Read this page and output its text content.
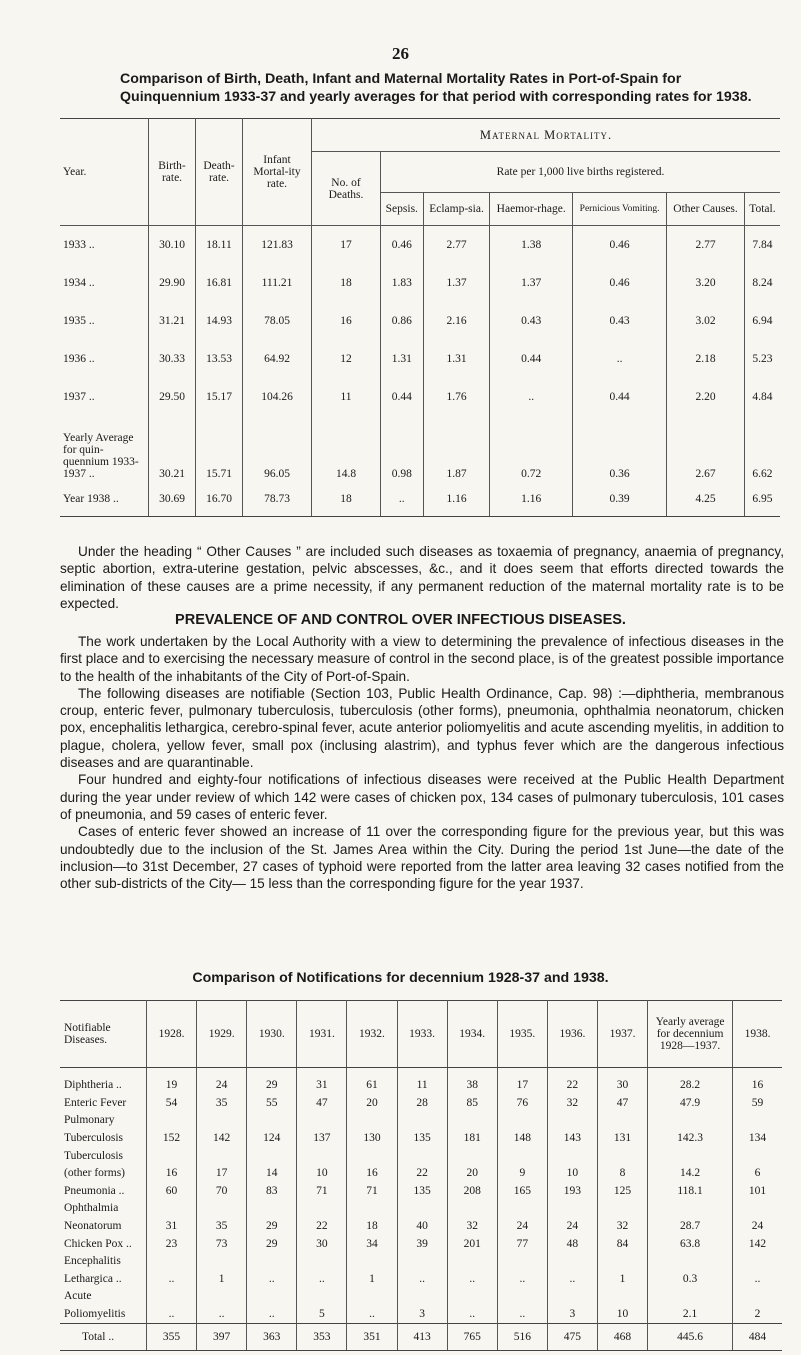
26
Comparison of Birth, Death, Infant and Maternal Mortality Rates in Port-of-Spain for Quinquennium 1933-37 and yearly averages for that period with corresponding rates for 1938.
Year.	Birth-rate.	Death-rate.	Infant Mortal-ity rate.	Maternal Mortality.						
				No. of Deaths.	Rate per 1,000 live births registered.					
					Sepsis.	Eclamp-sia.	Haemor-rhage.	Pernicious Vomiting.	Other Causes.	Total.
1933 ..	30.10	18.11	121.83	17	0.46	2.77	1.38	0.46	2.77	7.84
1934 ..	29.90	16.81	111.21	18	1.83	1.37	1.37	0.46	3.20	8.24
1935 ..	31.21	14.93	78.05	16	0.86	2.16	0.43	0.43	3.02	6.94
1936 ..	30.33	13.53	64.92	12	1.31	1.31	0.44	..	2.18	5.23
1937 ..	29.50	15.17	104.26	11	0.44	1.76	..	0.44	2.20	4.84
Yearly Average for quin-quennium 1933-1937 ..	30.21	15.71	96.05	14.8	0.98	1.87	0.72	0.36	2.67	6.62
Year 1938 ..	30.69	16.70	78.73	18	..	1.16	1.16	0.39	4.25	6.95

Under the heading “ Other Causes ” are included such diseases as toxaemia of pregnancy, anaemia of pregnancy, septic abortion, extra-uterine gestation, pelvic abscesses, &c., and it does seem that efforts directed towards the elimination of these causes are a prime necessity, if any permanent reduction of the maternal mortality rate is to be expected.

PREVALENCE OF AND CONTROL OVER INFECTIOUS DISEASES.

The work undertaken by the Local Authority with a view to determining the prevalence of infectious diseases in the first place and to exercising the necessary measure of control in the second place, is of the greatest possible importance to the health of the inhabitants of the City of Port-of-Spain.

The following diseases are notifiable (Section 103, Public Health Ordinance, Cap. 98) :—diphtheria, membranous croup, enteric fever, pulmonary tuberculosis, tuberculosis (other forms), pneumonia, ophthalmia neonatorum, chicken pox, encephalitis lethargica, cerebro-spinal fever, acute anterior poliomyelitis and acute ascending myelitis, in addition to plague, cholera, yellow fever, small pox (inclusing alastrim), and typhus fever which are the dangerous infectious diseases and are quarantinable.

Four hundred and eighty-four notifications of infectious diseases were received at the Public Health Department during the year under review of which 142 were cases of chicken pox, 134 cases of pulmonary tuberculosis, 101 cases of pneumonia, and 59 cases of enteric fever.

Cases of enteric fever showed an increase of 11 over the corresponding figure for the previous year, but this was undoubtedly due to the inclusion of the St. James Area within the City. During the period 1st June—the date of the inclusion—to 31st December, 27 cases of typhoid were reported from the latter area leaving 32 cases notified from the other sub-districts of the City— 15 less than the corresponding figure for the year 1937.

Comparison of Notifications for decennium 1928-37 and 1938.
Notifiable Diseases.	1928.	1929.	1930.	1931.	1932.	1933.	1934.	1935.	1936.	1937.	Yearly average for decennium 1928—1937.	1938.
Diphtheria ..	19	24	29	31	61	11	38	17	22	30	28.2	16
Enteric Fever	54	35	55	47	20	28	85	76	32	47	47.9	59
Pulmonary												
Tuberculosis	152	142	124	137	130	135	181	148	143	131	142.3	134
Tuberculosis												
(other forms)	16	17	14	10	16	22	20	9	10	8	14.2	6
Pneumonia ..	60	70	83	71	71	135	208	165	193	125	118.1	101
Ophthalmia												
Neonatorum	31	35	29	22	18	40	32	24	24	32	28.7	24
Chicken Pox ..	23	73	29	30	34	39	201	77	48	84	63.8	142
Encephalitis												
Lethargica ..	..	1	..	..	1	..	..	..	..	1	0.3	..
Acute												
Poliomyelitis	..	..	..	5	..	3	..	..	3	10	2.1	2
Total ..	355	397	363	353	351	413	765	516	475	468	445.6	484
